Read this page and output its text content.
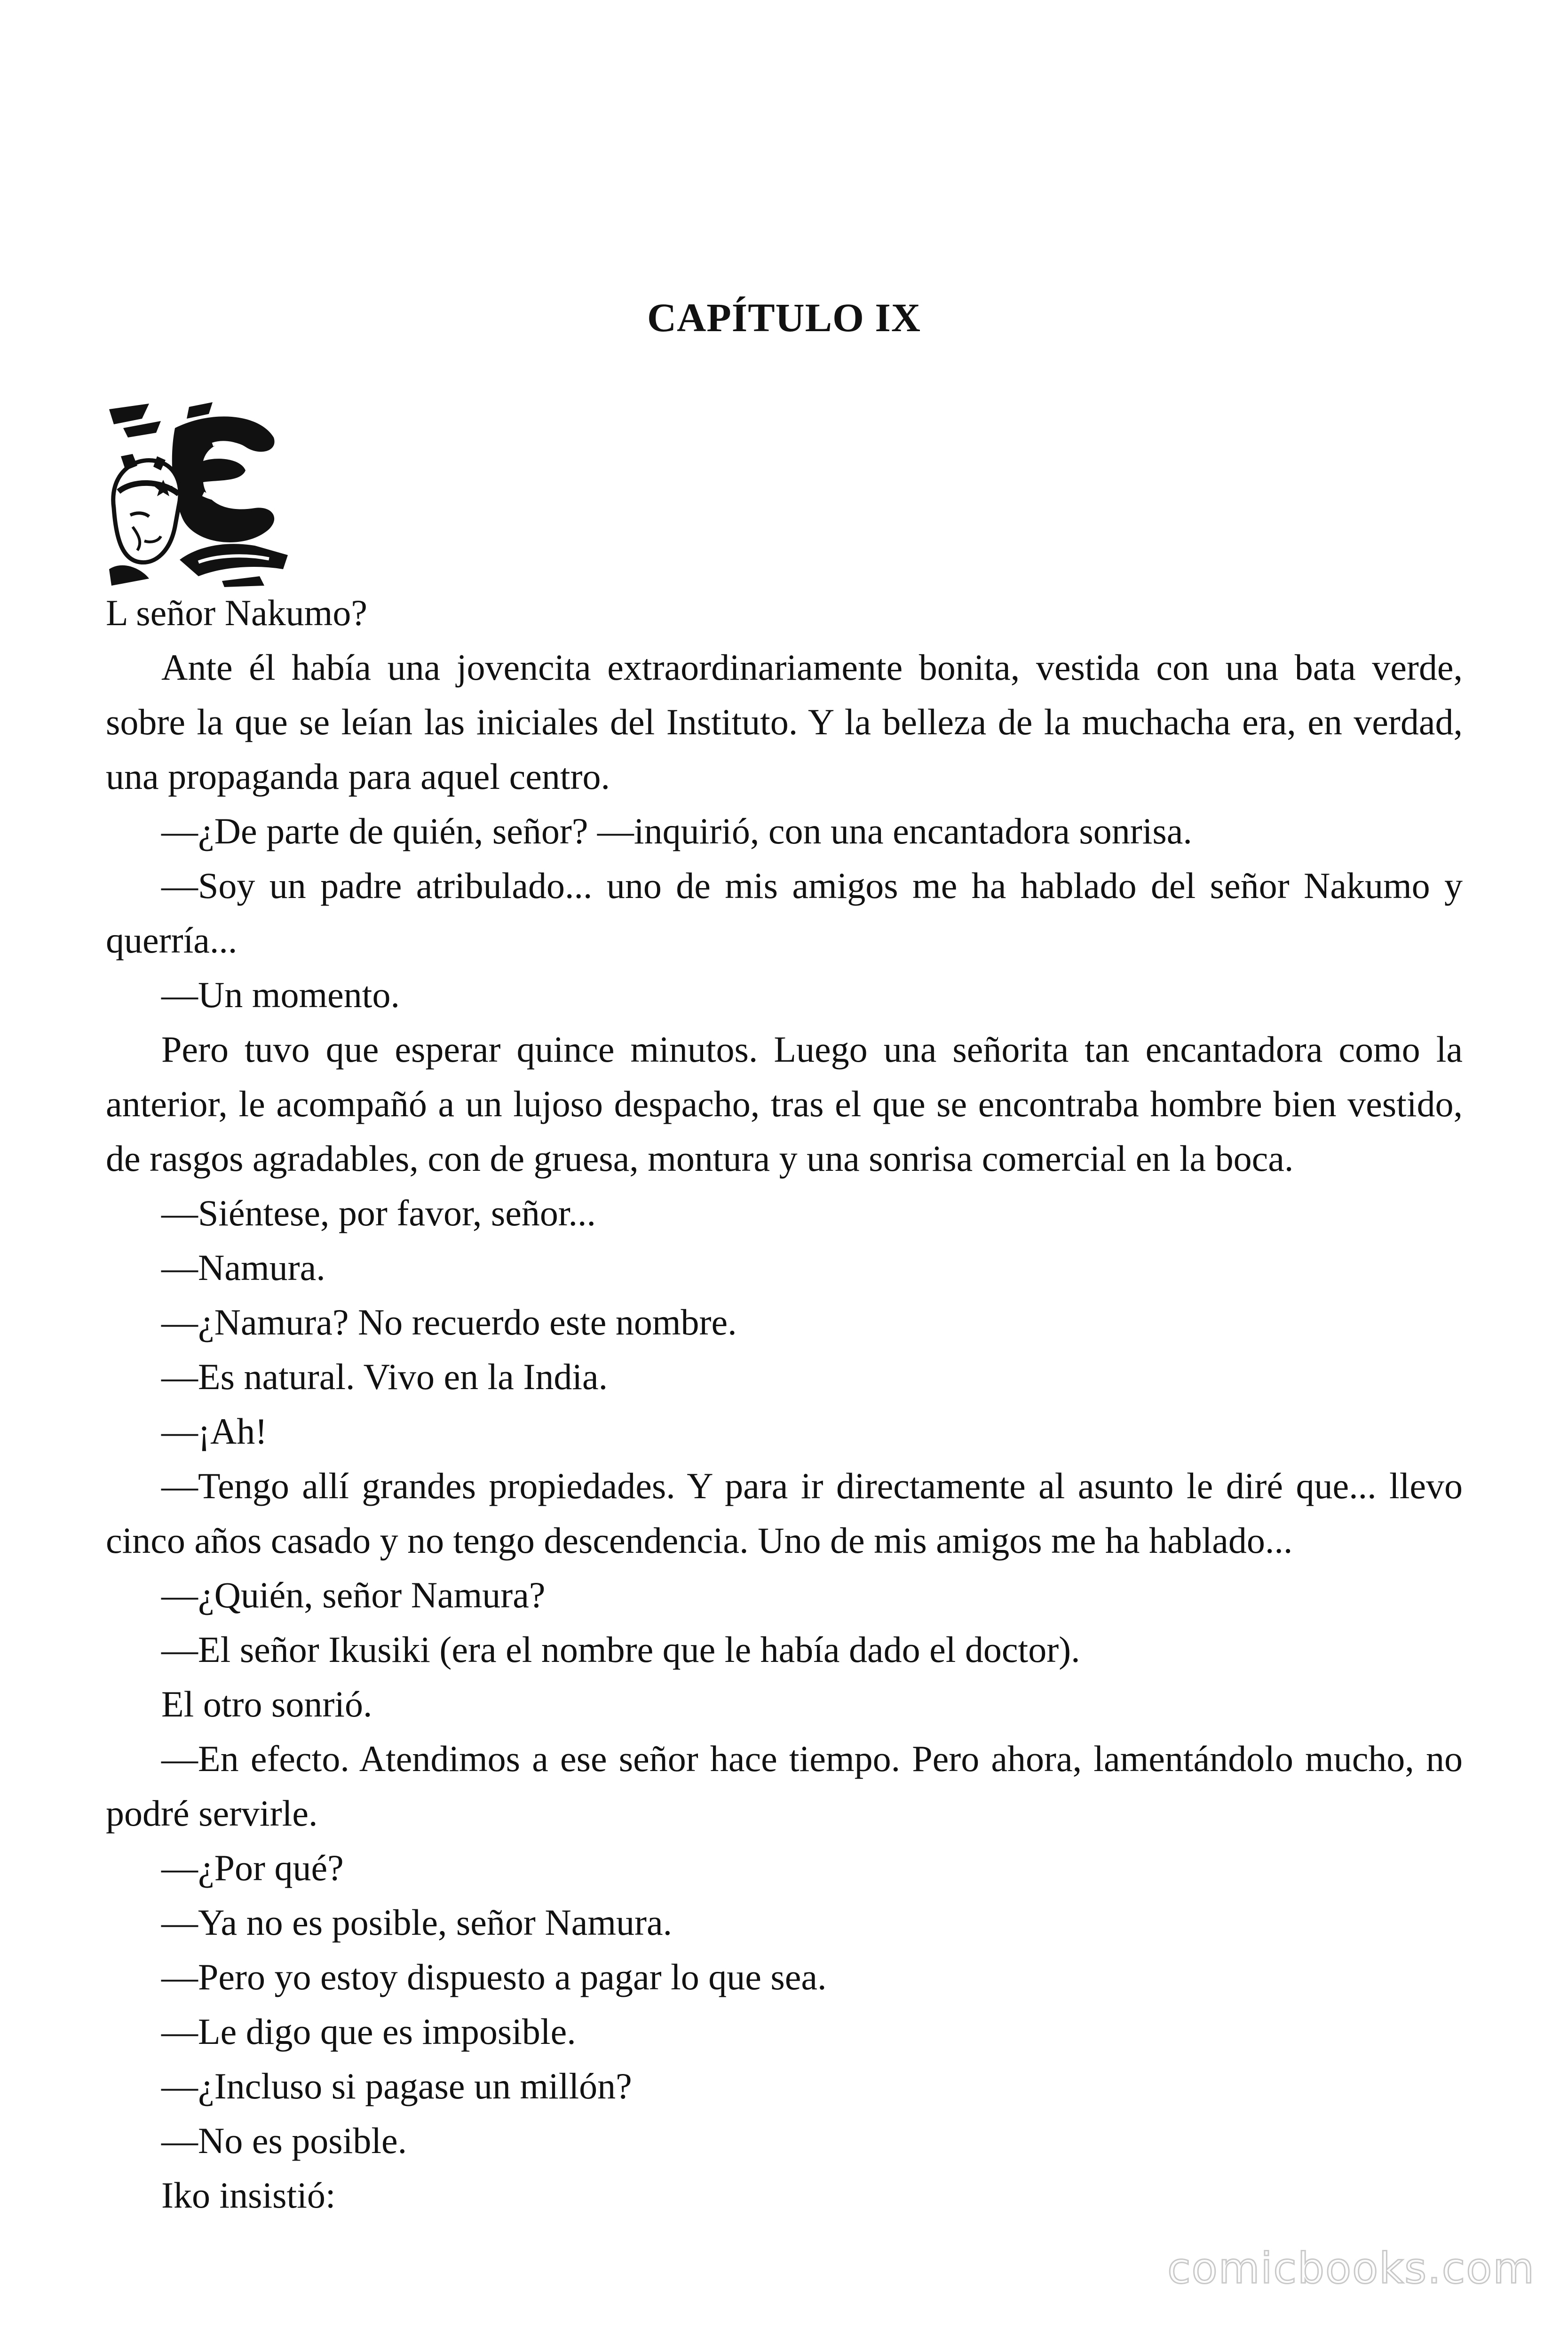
CAPÍTULO IX

L señor Nakumo?

Ante él había una jovencita extraordinariamente bonita, vestida con una bata verde, sobre la que se leían las iniciales del Instituto. Y la belleza de la muchacha era, en verdad, una propaganda para aquel centro.

—¿De parte de quién, señor? —inquirió, con una encantadora sonrisa.

—Soy un padre atribulado... uno de mis amigos me ha hablado del señor Nakumo y querría...

—Un momento.

Pero tuvo que esperar quince minutos. Luego una señorita tan encantadora como la anterior, le acompañó a un lujoso despacho, tras el que se encontraba hombre bien vestido, de rasgos agradables, con de gruesa, montura y una sonrisa comercial en la boca.

—Siéntese, por favor, señor...

—Namura.

—¿Namura? No recuerdo este nombre.

—Es natural. Vivo en la India.

—¡Ah!

—Tengo allí grandes propiedades. Y para ir directamente al asunto le diré que... llevo cinco años casado y no tengo descendencia. Uno de mis amigos me ha hablado...

—¿Quién, señor Namura?

—El señor Ikusiki (era el nombre que le había dado el doctor).

El otro sonrió.

—En efecto. Atendimos a ese señor hace tiempo. Pero ahora, lamentándolo mucho, no podré servirle.

—¿Por qué?

—Ya no es posible, señor Namura.

—Pero yo estoy dispuesto a pagar lo que sea.

—Le digo que es imposible.

—¿Incluso si pagase un millón?

—No es posible.

Iko insistió:

comicbooks.com
